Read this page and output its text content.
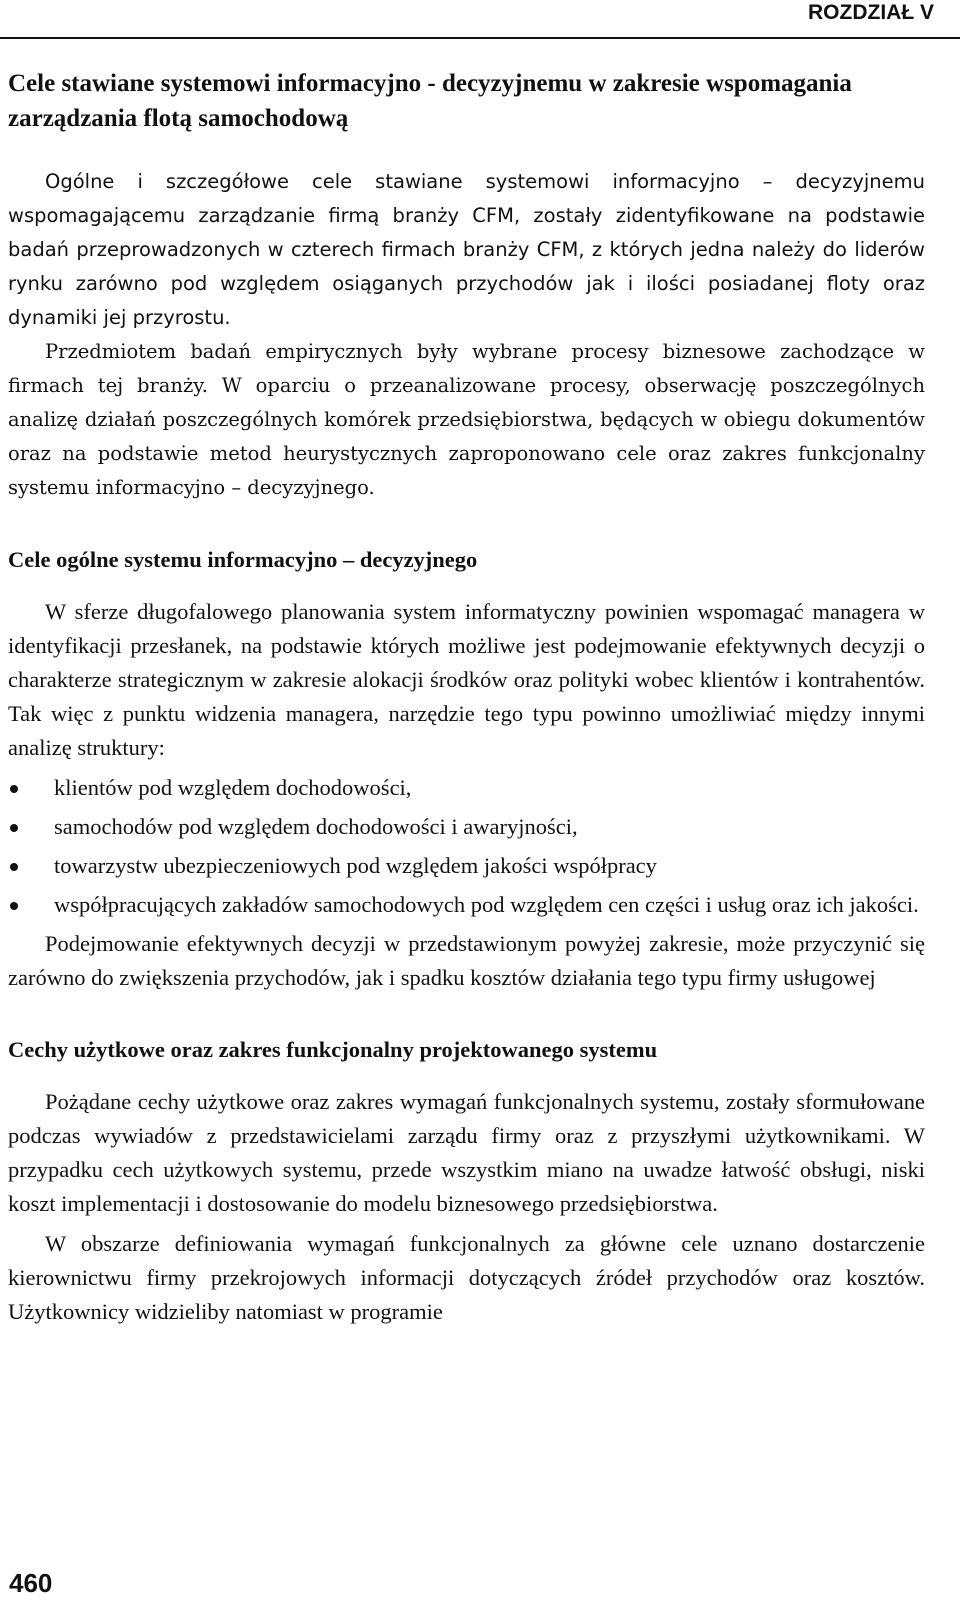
ROZDZIAŁ V
Cele stawiane systemowi informacyjno - decyzyjnemu w zakresie wspomagania zarządzania flotą samochodową

Ogólne i szczegółowe cele stawiane systemowi informacyjno – decyzyjnemu wspomagającemu zarządzanie firmą branży CFM, zostały zidentyfikowane na podstawie badań przeprowadzonych w czterech firmach branży CFM, z których jedna należy do liderów rynku zarówno pod względem osiąganych przychodów jak i ilości posiadanej floty oraz dynamiki jej przyrostu.

Przedmiotem badań empirycznych były wybrane procesy biznesowe zachodzące w firmach tej branży. W oparciu o przeanalizowane procesy, obserwację poszczególnych analizę działań poszczególnych komórek przedsiębiorstwa, będących w obiegu dokumentów oraz na podstawie metod heurystycznych zaproponowano cele oraz zakres funkcjonalny systemu informacyjno – decyzyjnego.

Cele ogólne systemu informacyjno – decyzyjnego

W sferze długofalowego planowania system informatyczny powinien wspomagać managera w identyfikacji przesłanek, na podstawie których możliwe jest podejmowanie efektywnych decyzji o charakterze strategicznym w zakresie alokacji środków oraz polityki wobec klientów i kontrahentów. Tak więc z punktu widzenia managera, narzędzie tego typu powinno umożliwiać między innymi analizę struktury:

klientów pod względem dochodowości,
samochodów pod względem dochodowości i awaryjności,
towarzystw ubezpieczeniowych pod względem jakości współpracy
współpracujących zakładów samochodowych pod względem cen części i usług oraz ich jakości.

Podejmowanie efektywnych decyzji w przedstawionym powyżej zakresie, może przyczynić się zarówno do zwiększenia przychodów, jak i spadku kosztów działania tego typu firmy usługowej

Cechy użytkowe oraz zakres funkcjonalny projektowanego systemu

Pożądane cechy użytkowe oraz zakres wymagań funkcjonalnych systemu, zostały sformułowane podczas wywiadów z przedstawicielami zarządu firmy oraz z przyszłymi użytkownikami. W przypadku cech użytkowych systemu, przede wszystkim miano na uwadze łatwość obsługi, niski koszt implementacji i dostosowanie do modelu biznesowego przedsiębiorstwa.

W obszarze definiowania wymagań funkcjonalnych za główne cele uznano dostarczenie kierownictwu firmy przekrojowych informacji dotyczących źródeł przychodów oraz kosztów. Użytkownicy widzieliby natomiast w programie

460
